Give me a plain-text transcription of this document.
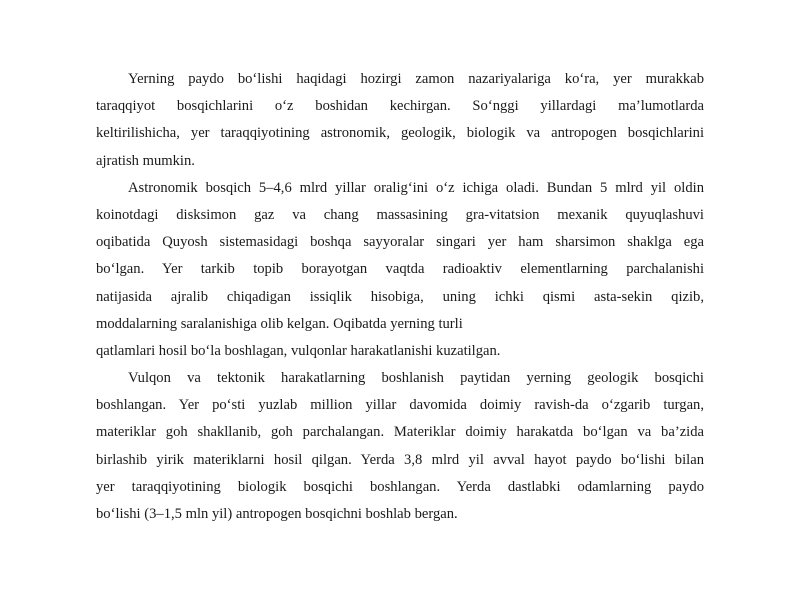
Yerning paydo bo‘lishi haqidagi hozirgi zamon nazariyalariga ko‘ra, yer murakkab
taraqqiyot bosqichlarini o‘z boshidan kechirgan. So‘nggi yillardagi ma’lumotlarda
keltirilishicha, yer taraqqiyotining astronomik, geologik, biologik va antropogen bosqichlarini
ajratish mumkin.
Astronomik bosqich 5–4,6 mlrd yillar oralig‘ini o‘z ichiga oladi. Bundan 5 mlrd yil oldin
koinotdagi disksimon gaz va chang massasining gra-vitatsion mexanik quyuqlashuvi
oqibatida Quyosh sistemasidagi boshqa sayyoralar singari yer ham sharsimon shaklga ega
bo‘lgan. Yer tarkib topib borayotgan vaqtda radioaktiv elementlarning parchalanishi
natijasida ajralib chiqadigan issiqlik hisobiga, uning ichki qismi asta-sekin qizib,
moddalarning saralanishiga olib kelgan. Oqibatda yerning turli
qatlamlari hosil bo‘la boshlagan, vulqonlar harakatlanishi kuzatilgan.
Vulqon va tektonik harakatlarning boshlanish paytidan yerning geologik bosqichi
boshlangan. Yer po‘sti yuzlab million yillar davomida doimiy ravish-da o‘zgarib turgan,
materiklar goh shakllanib, goh parchalangan. Materiklar doimiy harakatda bo‘lgan va ba’zida
birlashib yirik materiklarni hosil qilgan. Yerda 3,8 mlrd yil avval hayot paydo bo‘lishi bilan
yer taraqqiyotining biologik bosqichi boshlangan. Yerda dastlabki odamlarning paydo
bo‘lishi (3–1,5 mln yil) antropogen bosqichni boshlab bergan.
